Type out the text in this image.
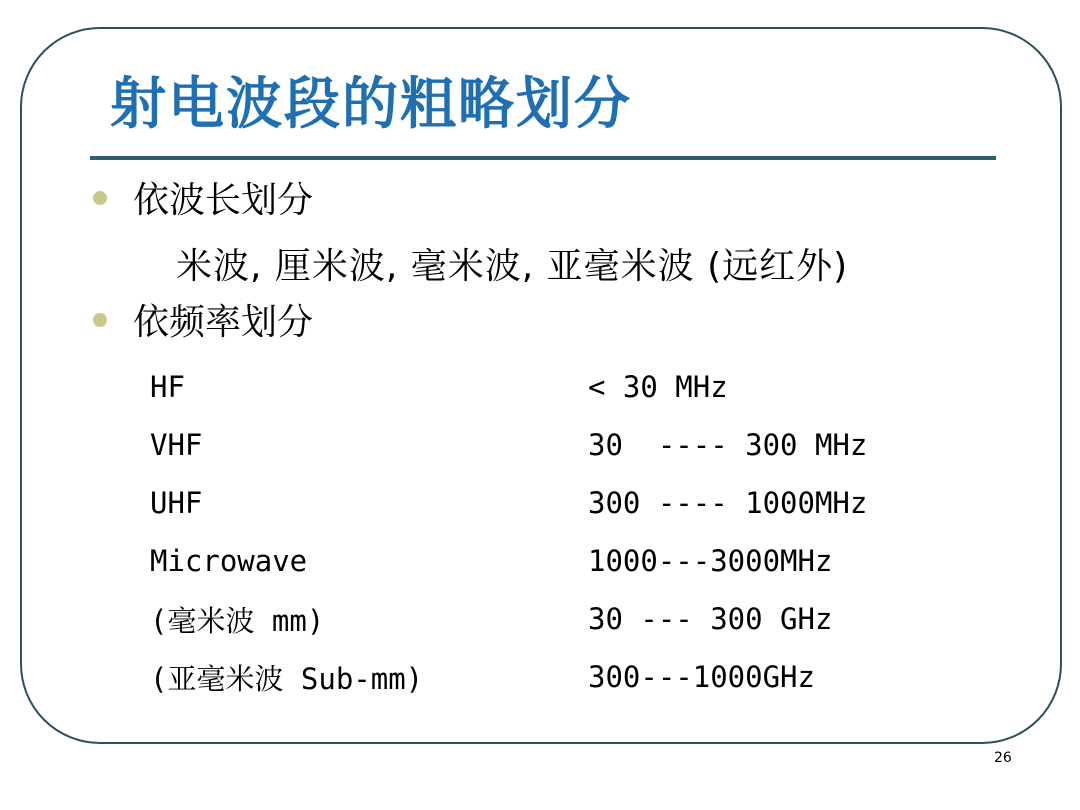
射电波段的粗略划分
依波长划分
米波, 厘米波, 毫米波, 亚毫米波 (远红外)
依频率划分
HF	< 30 MHz
VHF	30  ---- 300 MHz
UHF	300 ---- 1000MHz
Microwave	1000---3000MHz
(毫米波 mm)	30 --- 300 GHz
(亚毫米波 Sub-mm)	300---1000GHz
26
